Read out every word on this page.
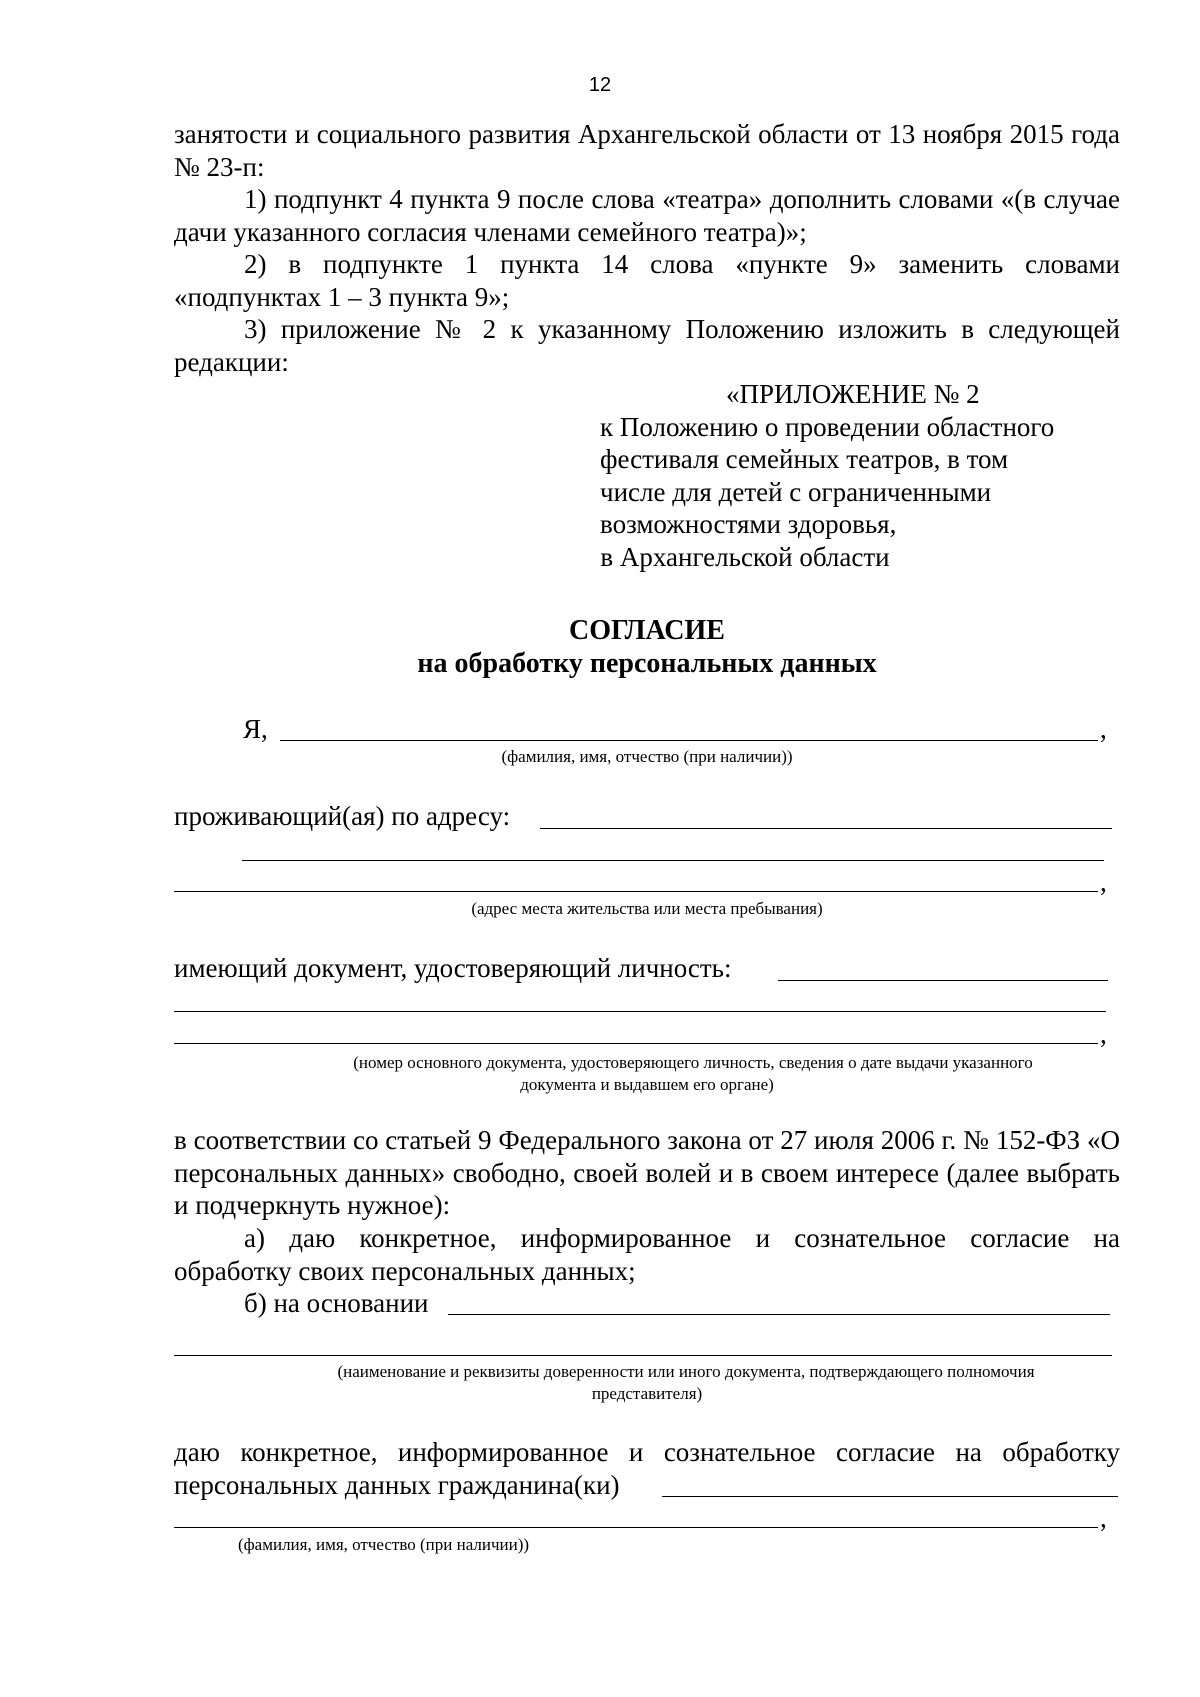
12
занятости и социального развития Архангельской области от 13 ноября 2015 года № 23-п:
1) подпункт 4 пункта 9 после слова «театра» дополнить словами «(в случае дачи указанного согласия членами семейного театра)»;
2) в подпункте 1 пункта 14 слова «пункте 9» заменить словами «подпунктах 1 – 3 пункта 9»;
3) приложение № 2 к указанному Положению изложить в следующей редакции:
«ПРИЛОЖЕНИЕ № 2
к Положению о проведении областного
фестиваля семейных театров, в том
числе для детей с ограниченными
возможностями здоровья,
в Архангельской области
СОГЛАСИЕ
на обработку персональных данных
Я,	,
(фамилия, имя, отчество (при наличии))
проживающий(ая) по адресу:
,
(адрес места жительства или места пребывания)
имеющий документ, удостоверяющий личность:
,
(номер основного документа, удостоверяющего личность, сведения о дате выдачи указанного
документа и выдавшем его органе)
в соответствии со статьей 9 Федерального закона от 27 июля 2006 г. № 152-ФЗ «О персональных данных» свободно, своей волей и в своем интересе (далее выбрать и подчеркнуть нужное):
а) даю конкретное, информированное и сознательное согласие на обработку своих персональных данных;
б) на основании
(наименование и реквизиты доверенности или иного документа, подтверждающего полномочия
представителя)
даю конкретное, информированное и сознательное согласие на обработку
персональных данных гражданина(ки)
,
(фамилия, имя, отчество (при наличии))
